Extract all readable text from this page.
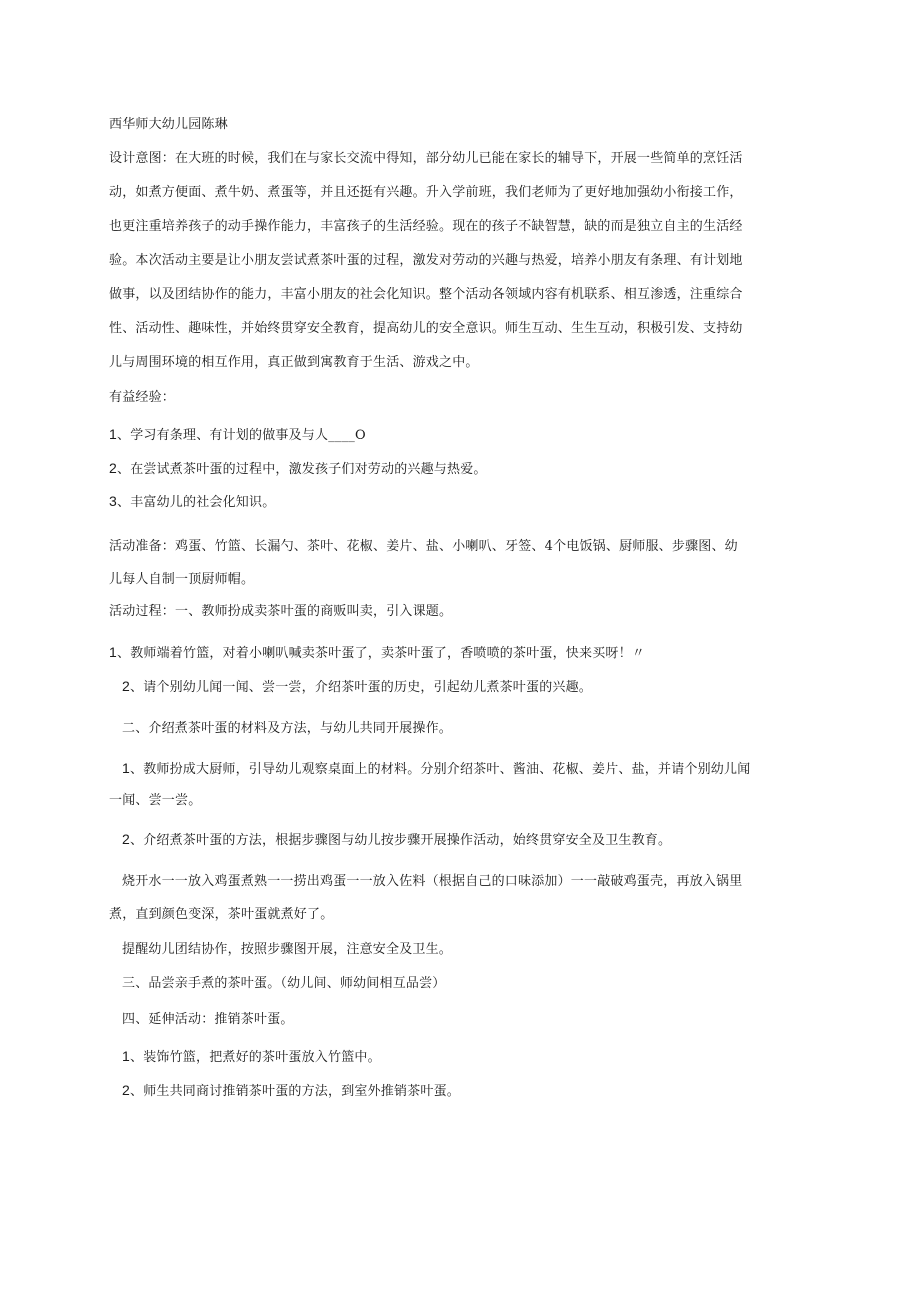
西华师大幼儿园陈琳
设计意图：在大班的时候，我们在与家长交流中得知，部分幼儿已能在家长的辅导下，开展一些简单的烹饪活
动，如煮方便面、煮牛奶、煮蛋等，并且还挺有兴趣。升入学前班，我们老师为了更好地加强幼小衔接工作，
也更注重培养孩子的动手操作能力，丰富孩子的生活经验。现在的孩子不缺智慧，缺的而是独立自主的生活经
验。本次活动主要是让小朋友尝试煮茶叶蛋的过程，激发对劳动的兴趣与热爱，培养小朋友有条理、有计划地
做事，以及团结协作的能力，丰富小朋友的社会化知识。整个活动各领域内容有机联系、相互渗透，注重综合
性、活动性、趣味性，并始终贯穿安全教育，提高幼儿的安全意识。师生互动、生生互动，积极引发、支持幼
儿与周围环境的相互作用，真正做到寓教育于生活、游戏之中。
有益经验：
1、学习有条理、有计划的做事及与人____O
2、在尝试煮茶叶蛋的过程中，激发孩子们对劳动的兴趣与热爱。
3、丰富幼儿的社会化知识。
活动准备：鸡蛋、竹篮、长漏勺、茶叶、花椒、姜片、盐、小喇叭、牙签、4个电饭锅、厨师服、步骤图、幼
儿每人自制一顶厨师帽。
活动过程：一、教师扮成卖茶叶蛋的商贩叫卖，引入课题。
1、教师端着竹篮，对着小喇叭喊卖茶叶蛋了，卖茶叶蛋了，香喷喷的茶叶蛋，快来买呀！〃
2、请个别幼儿闻一闻、尝一尝，介绍茶叶蛋的历史，引起幼儿煮茶叶蛋的兴趣。
二、介绍煮茶叶蛋的材料及方法，与幼儿共同开展操作。
1、教师扮成大厨师，引导幼儿观察桌面上的材料。分别介绍茶叶、酱油、花椒、姜片、盐，并请个别幼儿闻
一闻、尝一尝。
2、介绍煮茶叶蛋的方法，根据步骤图与幼儿按步骤开展操作活动，始终贯穿安全及卫生教育。
烧开水一一放入鸡蛋煮熟一一捞出鸡蛋一一放入佐料（根据自己的口味添加）一一敲破鸡蛋壳，再放入锅里
煮，直到颜色变深，茶叶蛋就煮好了。
提醒幼儿团结协作，按照步骤图开展，注意安全及卫生。
三、品尝亲手煮的茶叶蛋。（幼儿间、师幼间相互品尝）
四、延伸活动：推销茶叶蛋。
1、装饰竹篮，把煮好的茶叶蛋放入竹篮中。
2、师生共同商讨推销茶叶蛋的方法，到室外推销茶叶蛋。
